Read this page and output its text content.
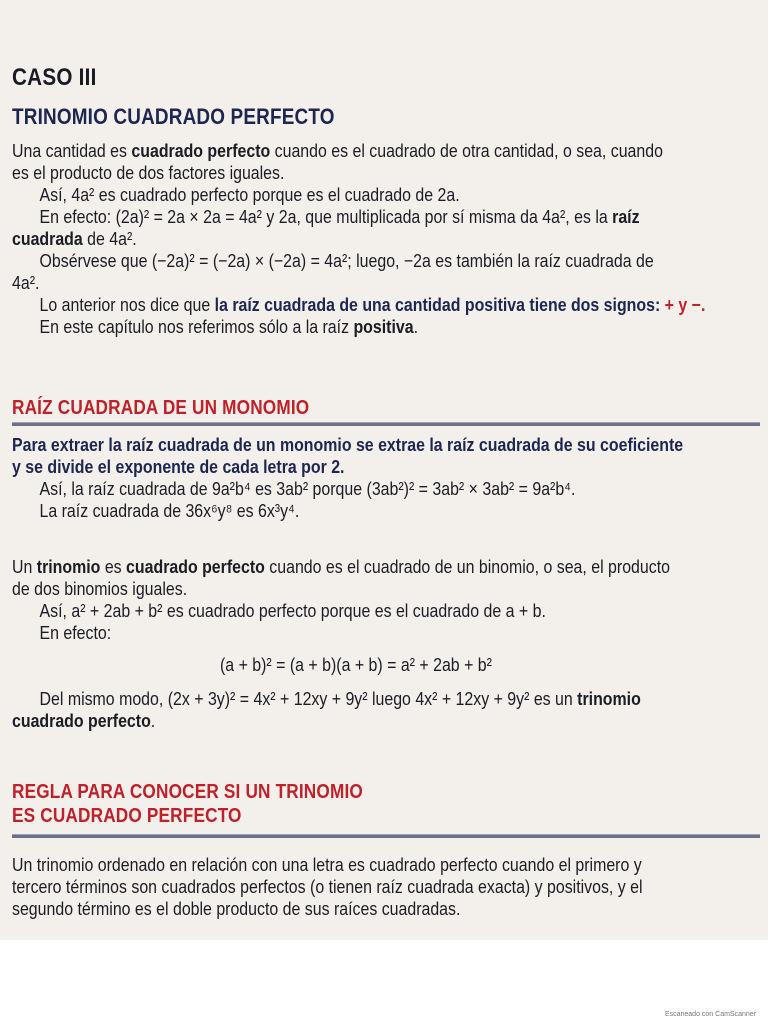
CASO III
TRINOMIO CUADRADO PERFECTO
Una cantidad es cuadrado perfecto cuando es el cuadrado de otra cantidad, o sea, cuando
es el producto de dos factores iguales.
Así, 4a² es cuadrado perfecto porque es el cuadrado de 2a.
En efecto: (2a)² = 2a × 2a = 4a² y 2a, que multiplicada por sí misma da 4a², es la raíz
cuadrada de 4a².
Obsérvese que (−2a)² = (−2a) × (−2a) = 4a²; luego, −2a es también la raíz cuadrada de
4a².
Lo anterior nos dice que la raíz cuadrada de una cantidad positiva tiene dos signos: + y −.
En este capítulo nos referimos sólo a la raíz positiva.
RAÍZ CUADRADA DE UN MONOMIO
Para extraer la raíz cuadrada de un monomio se extrae la raíz cuadrada de su coeficiente
y se divide el exponente de cada letra por 2.
Así, la raíz cuadrada de 9a²b⁴ es 3ab² porque (3ab²)² = 3ab² × 3ab² = 9a²b⁴.
La raíz cuadrada de 36x⁶y⁸ es 6x³y⁴.
Un trinomio es cuadrado perfecto cuando es el cuadrado de un binomio, o sea, el producto
de dos binomios iguales.
Así, a² + 2ab + b² es cuadrado perfecto porque es el cuadrado de a + b.
En efecto:
(a + b)² = (a + b)(a + b) = a² + 2ab + b²
Del mismo modo, (2x + 3y)² = 4x² + 12xy + 9y² luego 4x² + 12xy + 9y² es un trinomio
cuadrado perfecto.
REGLA PARA CONOCER SI UN TRINOMIO
ES CUADRADO PERFECTO
Un trinomio ordenado en relación con una letra es cuadrado perfecto cuando el primero y
tercero términos son cuadrados perfectos (o tienen raíz cuadrada exacta) y positivos, y el
segundo término es el doble producto de sus raíces cuadradas.
Escaneado con CamScanner
